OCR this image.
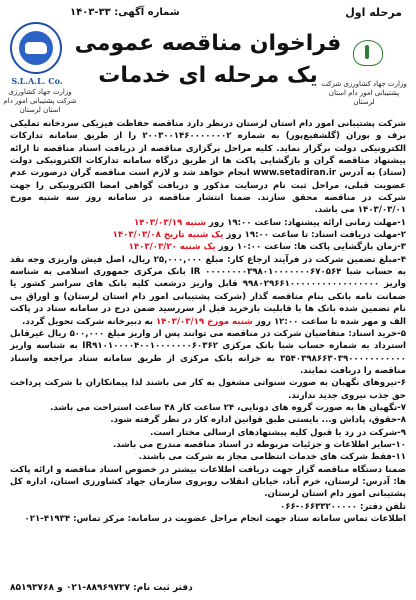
مرحله اول
شماره آگهی: ۳۳-۱۴۰۳
S.L.A.L. Co.
وزارت جهاد کشاورزی شرکت پشتیبانی امور دام استان لرستان
فراخوان مناقصه عمومی
یک مرحله ای خدمات وزارت جهاد کشاورزی شرکت پشتیبانی امور دام استان لرستان

شرکت پشتیبانی امور دام استان لرستان درنظر دارد مناقصه حفاظت فیزیکی سردخانه تملیکی برف و بوران (گلشفیع‌پور) به شماره ۲۰۰۳۰۰۱۴۶۰۰۰۰۰۰۰۲ را از طریق سامانه تدارکات الکترونیکی دولت برگزار نماید. کلیه مراحل برگزاری مناقصه از دریافت اسناد مناقصه تا ارائه پیشنهاد مناقصه گران و بازگشایی پاکت ها از طریق درگاه سامانه تدارکات الکترونیکی دولت (ستاد) به آدرس www.setadiran.ir انجام خواهد شد و لازم است مناقصه گران درصورت عدم عضویت قبلی، مراحل ثبت نام درسایت مذکور و دریافت گواهی امضا الکترونیکی را جهت شرکت در مناقصه محقق سازند. ضمنا انتشار مناقصه در سامانه روز سه شنبه مورخ ۱۴۰۳/۰۳/۰۱ می باشد.

۱-مهلت زمانی ارائه پیشنهاد: ساعت ۱۹:۰۰ روز شنبه ۱۴۰۳/۰۳/۱۹

۲-مهلت دریافت اسناد: تا ساعت ۱۹:۰۰ روز یک شنبه تاریخ ۱۴۰۳/۰۳/۰۸

۳-زمان بازگشایی پاکت ها: ساعت ۱۰:۰۰ روز یک شنبه ۱۴۰۳/۰۳/۲۰

۴-مبلغ تضمین شرکت در فرآیند ارجاع کار: مبلغ ۲۵,۰۰۰,۰۰۰ ریال، اصل فیش واریزی وجه نقد به حساب شبا ۰۰۰۰۰۰۰۰۳۹۸۰۱۰۰۰۰۰۰۰۶۷۰۵۶۴ IR بانک مرکزی جمهوری اسلامی به شناسه واریز ۹۹۸۰۲۹۶۶۱۰۰۰۰۰۰۰۰۰۰۰۰۰۰۰۰۰ قابل واریز درشعب کلیه بانک های سراسر کشور یا ضمانت نامه بانکی بنام مناقصه گذار (شرکت پشتیبانی امور دام استان لرستان) و اوراق بی نام تضمین شده بانک ها با قابلیت بازخرید قبل از سررسید ضمن درج در سامانه ستاد در پاکت الف و مهر شده تا ساعت ۱۲:۰۰ روز شنبه مورخ ۱۴۰۳/۰۳/۱۹ به دبیرخانه شرکت تحویل گردد.

۵-خرید اسناد: متقاضیان شرکت در مناقصه می توانند پس از واریز مبلغ ۵۰۰,۰۰۰ ریال غیرقابل استرداد به شماره حساب شبا بانک مرکزی IR۹۱۰۱۰۰۰۰۴۰۰۱۰۰۰۰۰۰۰۶۰۳۶۲ به شناسه واریز ۳۵۴۰۳۹۸۶۶۳۰۳۹۰۰۰۰۰۰۰۰۰۰۰ به خزانه بانک مرکزی از طریق سامانه ستاد مراجعه واسناد مناقصه را دریافت نمایند.

۶-نیروهای نگهبان به صورت سنواتی مشغول به کار می باشند لذا پیمانکاران با شرکت پرداخت حق جذب نیروی جدید ندارند.

۷-نگهبان ها به صورت گروه های دونایی، ۲۴ ساعت کار ۴۸ ساعت استراحت می باشد.

۸-حقوق، پاداش و... بایستی طبق قوانین اداره کار در نظر گرفته شود.

۹-شرکت در رد یا قبول کلیه پیشنهادهای ارسالی مختار است.

۱۰-سایر اطلاعات و جزئیات مربوطه در اسناد مناقصه مندرج می باشد.

۱۱-فقط شرکت های خدمات انتظامی مجاز به شرکت می باشند.

ضمنا دستگاه مناقصه گزار جهت دریافت اطلاعات بیشتر در خصوص اسناد مناقصه و ارائه پاکت ها: آدرس: لرستان، خرم آباد، خیابان انقلاب روبروی سازمان جهاد کشاورزی استان، اداره کل پشتیبانی امور دام استان لرستان.

تلفن دفتر: ۰۶۶۳۳۲۰۰۰۰۰-۰۶۶

اطلاعات تماس سامانه ستاد جهت انجام مراحل عضویت در سامانه: مرکز تماس: ۴۱۹۳۴-۰۲۱

دفتر ثبت نام: ۸۸۹۶۹۷۳۷-۰۲۱ و ۸۵۱۹۳۷۶۸
